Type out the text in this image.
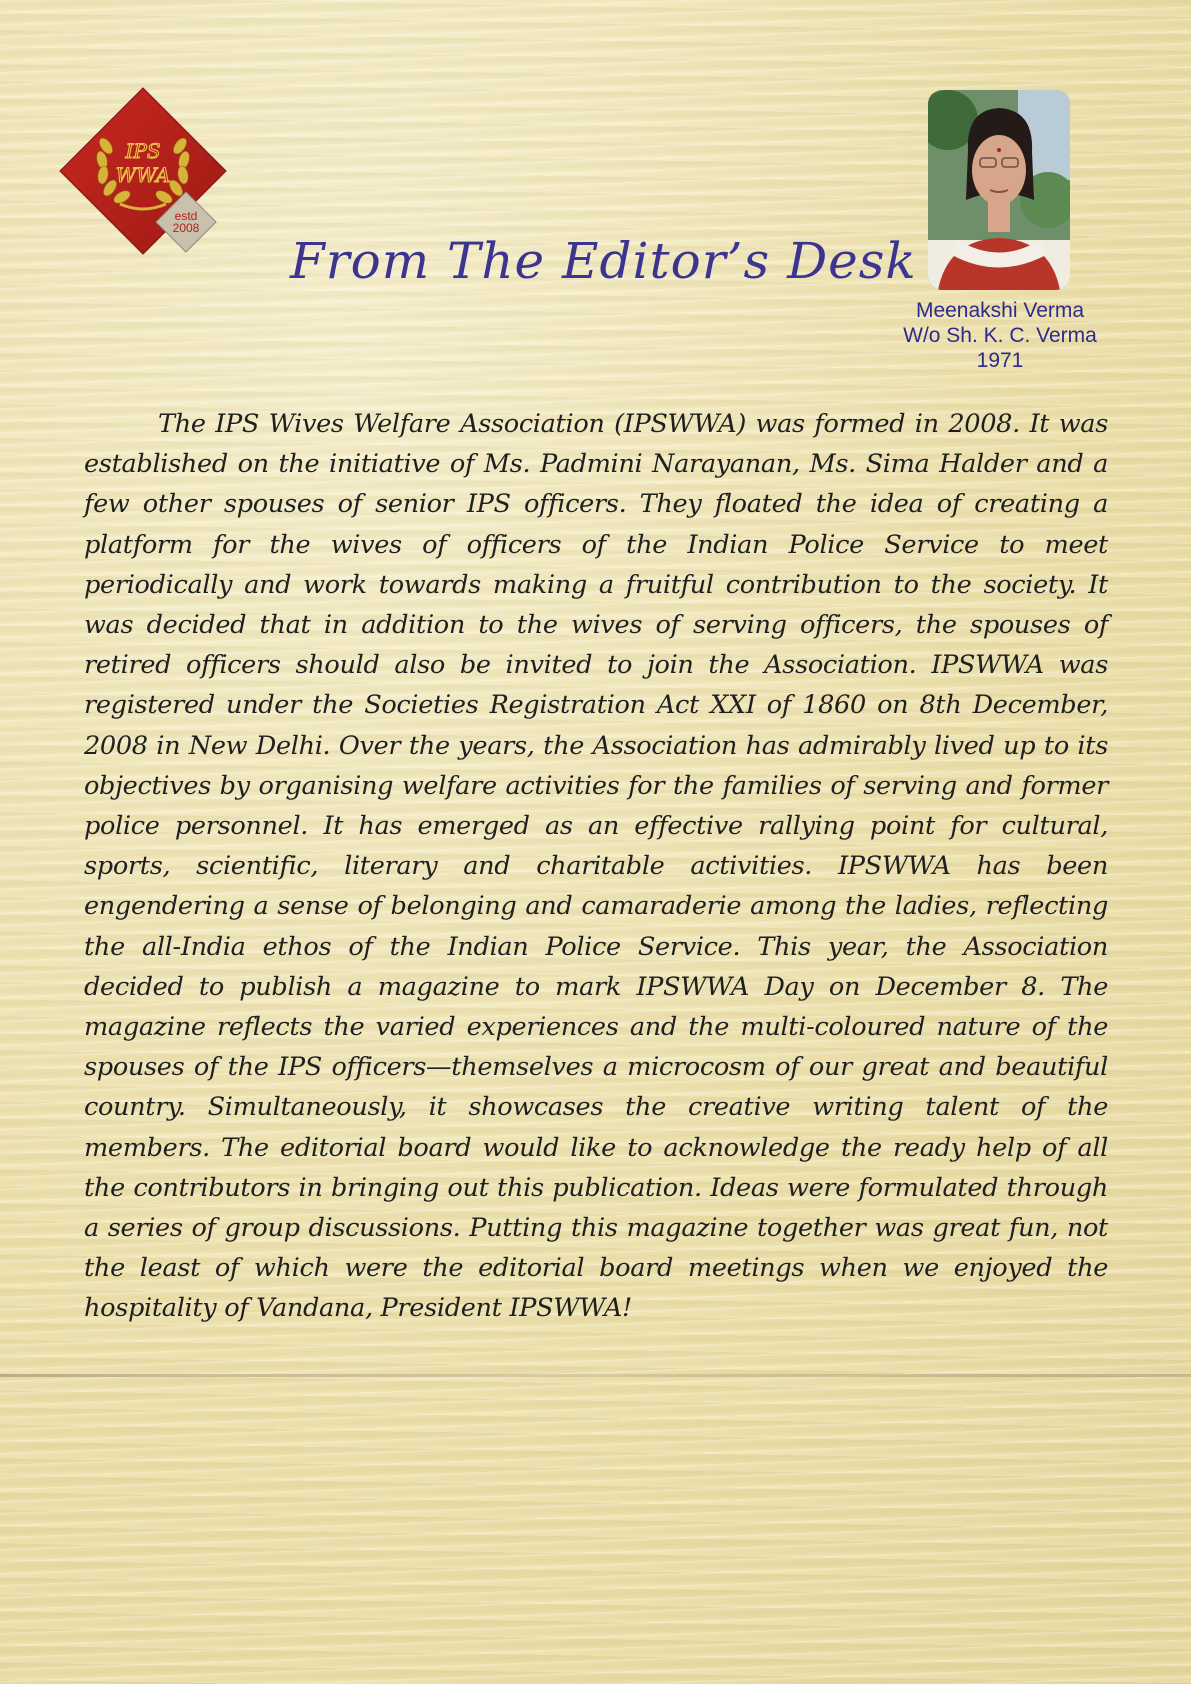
IPS
WWA
estd
2008
From The Editor’s Desk
Meenakshi Verma
W/o Sh. K. C. Verma
1971
The IPS Wives Welfare Association (IPSWWA) was formed in 2008. It was established on the initiative of Ms. Padmini Narayanan, Ms. Sima Halder and a few other spouses of senior IPS officers. They floated the idea of creating a platform for the wives of officers of the Indian Police Service to meet periodically and work towards making a fruitful contribution to the society. It was decided that in addition to the wives of serving officers, the spouses of retired officers should also be invited to join the Association. IPSWWA was registered under the Societies Registration Act XXI of 1860 on 8th December, 2008 in New Delhi. Over the years, the Association has admirably lived up to its objectives by organising welfare activities for the families of serving and former police personnel. It has emerged as an effective rallying point for cultural, sports, scientific, literary and charitable activities. IPSWWA has been engendering a sense of belonging and camaraderie among the ladies, reflecting the all-India ethos of the Indian Police Service. This year, the Association decided to publish a magazine to mark IPSWWA Day on December 8. The magazine reflects the varied experiences and the multi-coloured nature of the spouses of the IPS officers—themselves a microcosm of our great and beautiful country. Simultaneously, it showcases the creative writing talent of the members. The editorial board would like to acknowledge the ready help of all the contributors in bringing out this publication. Ideas were formulated through a series of group discussions. Putting this magazine together was great fun, not the least of which were the editorial board meetings when we enjoyed the hospitality of Vandana, President IPSWWA!
